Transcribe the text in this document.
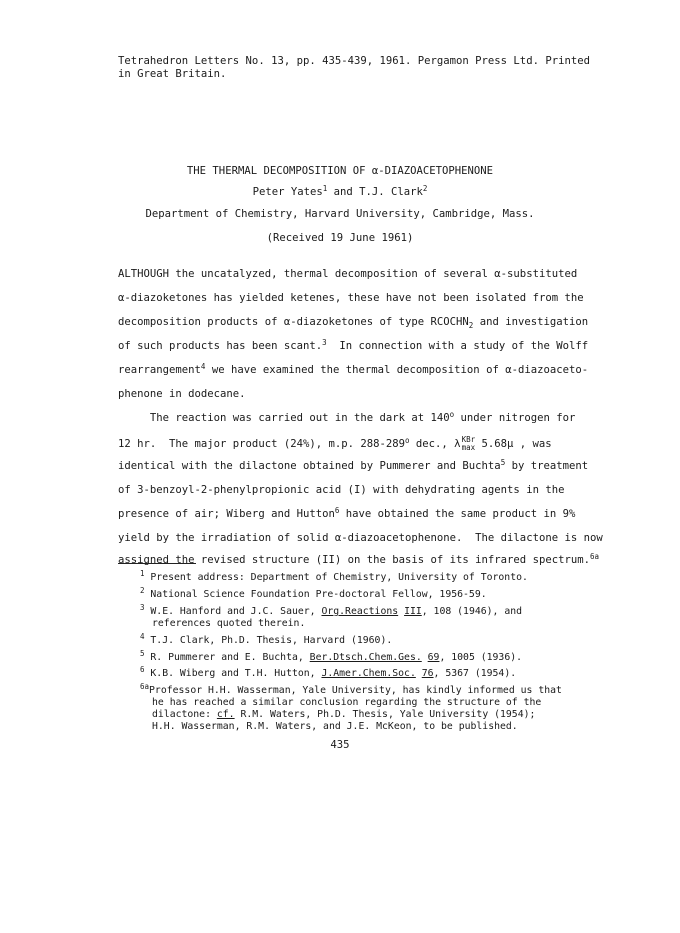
Tetrahedron Letters No. 13, pp. 435-439, 1961. Pergamon Press Ltd. Printed
in Great Britain.
THE THERMAL DECOMPOSITION OF α-DIAZOACETOPHENONE
Peter Yates$^1$ and T.J. Clark$^2$
Department of Chemistry, Harvard University, Cambridge, Mass.
(Received 19 June 1961)
ALTHOUGH the uncatalyzed, thermal decomposition of several α-substituted
α-diazoketones has yielded ketenes, these have not been isolated from the
decomposition products of α-diazoketones of type $RCOCHN_2$ and investigation
of such products has been scant.$^3$  In connection with a study of the Wolff
rearrangement$^4$ we have examined the thermal decomposition of α-diazoaceto-
phenone in dodecane.
The reaction was carried out in the dark at 140$^o$ under nitrogen for
12 hr.  The major product (24%), m.p. 288-289$^o$ dec., λ KBr
max 5.68μ , was
identical with the dilactone obtained by Pummerer and Buchta$^5$ by treatment
of 3-benzoyl-2-phenylpropionic acid (I) with dehydrating agents in the
presence of air; Wiberg and Hutton$^6$ have obtained the same product in 9%
yield by the irradiation of solid α-diazoacetophenone.  The dilactone is now
assigned the revised structure (II) on the basis of its infrared spectrum.$^{6a}$
$^1$ Present address: Department of Chemistry, University of Toronto.
$^2$ National Science Foundation Pre-doctoral Fellow, 1956-59.
$^3$ W.E. Hanford and J.C. Sauer, Org.Reactions III, 108 (1946), and
references quoted therein.
$^4$ T.J. Clark, Ph.D. Thesis, Harvard (1960).
$^5$ R. Pummerer and E. Buchta, Ber.Dtsch.Chem.Ges. 69, 1005 (1936).
$^6$ K.B. Wiberg and T.H. Hutton, J.Amer.Chem.Soc. 76, 5367 (1954).
$^{6a}$Professor H.H. Wasserman, Yale University, has kindly informed us that
he has reached a similar conclusion regarding the structure of the
dilactone: cf. R.M. Waters, Ph.D. Thesis, Yale University (1954);
H.H. Wasserman, R.M. Waters, and J.E. McKeon, to be published.
435
